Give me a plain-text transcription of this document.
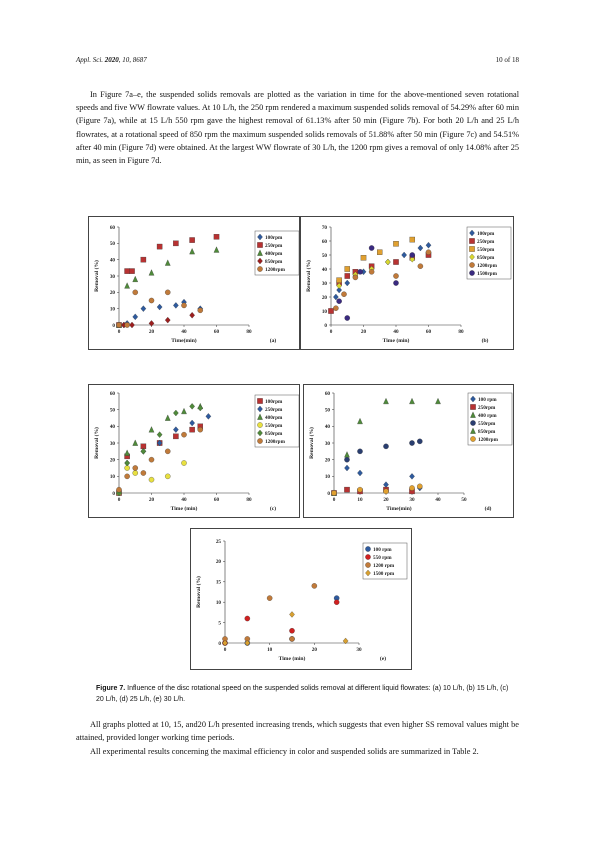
Appl. Sci. 2020, 10, 8687	10 of 18

In Figure 7a–e, the suspended solids removals are plotted as the variation in time for the above-mentioned seven rotational speeds and five WW flowrate values. At 10 L/h, the 250 rpm rendered a maximum suspended solids removal of 54.29% after 60 min (Figure 7a), while at 15 L/h 550 rpm gave the highest removal of 61.13% after 50 min (Figure 7b). For both 20 L/h and 25 L/h flowrates, at a rotational speed of 850 rpm the maximum suspended solids removals of 51.88% after 50 min (Figure 7c) and 54.51% after 40 min (Figure 7d) were obtained. At the largest WW flowrate of 30 L/h, the 1200 rpm gives a removal of only 14.08% after 25 min, as seen in Figure 7d.

0	20	40	60	80
0
10
20
30
40
50
60
Time(min)
Removal (%)
(a)
100rpm
250rpm
400rpm
850rpm
1200rpm
0	20	40	60	80
0
10
20
30
40
50
60
70
Time (min)
Removal (%)
(b)
100rpm
250rpm
550rpm
850rpm
1200rpm
1500rpm
0	20	40	60	80
0
10
20
30
40
50
60
Time (min)
Removal (%)
(c)
100rpm
250rpm
400rpm
550rpm
850rpm
1200rpm
0	10	20	30	40	50
0
10
20
30
40
50
60
Time(min)
Removal (%)
(d)
100 rpm
250rpm
400 rpm
550rpm
850rpm
1200rpm
0	10	20	30
0
5
10
15
20
25
Time (min)
Removal (%)
(e)
100 rpm
550 rpm
1200 rpm
1500 rpm
Figure 7. Influence of the disc rotational speed on the suspended solids removal at different liquid flowrates: (a) 10 L/h, (b) 15 L/h, (c) 20 L/h, (d) 25 L/h, (e) 30 L/h.

All graphs plotted at 10, 15, and20 L/h presented increasing trends, which suggests that even higher SS removal values might be attained, provided longer working time periods.

All experimental results concerning the maximal efficiency in color and suspended solids are summarized in Table 2.
